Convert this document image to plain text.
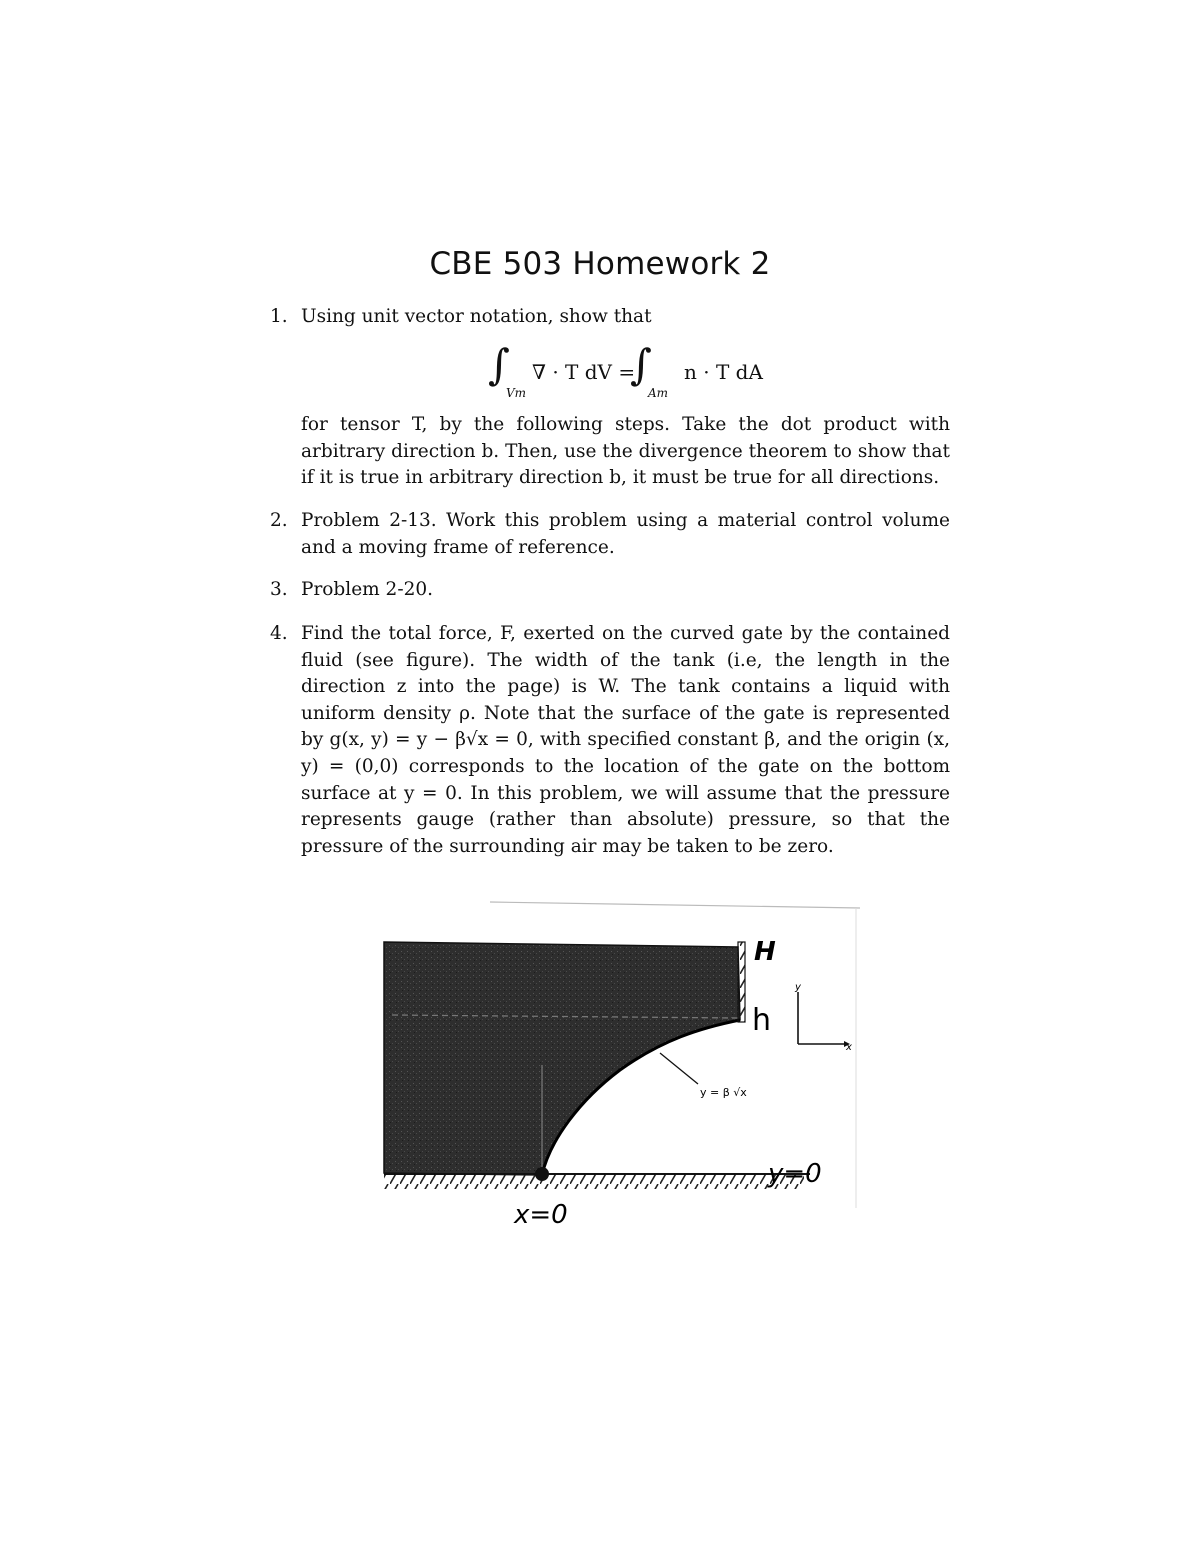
CBE 503 Homework 2
1. Using unit vector notation, show that

∫
Vm
∇ · T dV =
∫
Am
n · T dA

for tensor T, by the following steps. Take the dot product with arbitrary direction b. Then, use the divergence theorem to show that if it is true in arbitrary direction b, it must be true for all directions.

2. Problem 2-13. Work this problem using a material control volume and a moving frame of reference.

3. Problem 2-20.

4. Find the total force, F, exerted on the curved gate by the contained fluid (see figure). The width of the tank (i.e, the length in the direction z into the page) is W. The tank contains a liquid with uniform density ρ. Note that the surface of the gate is represented by g(x, y) = y − β√x = 0, with specified constant β, and the origin (x, y) = (0,0) corresponds to the location of the gate on the bottom surface at y = 0. In this problem, we will assume that the pressure represents gauge (rather than absolute) pressure, so that the pressure of the surrounding air may be taken to be zero.

y = β √x
y
x
H
h
y=0
x=0
